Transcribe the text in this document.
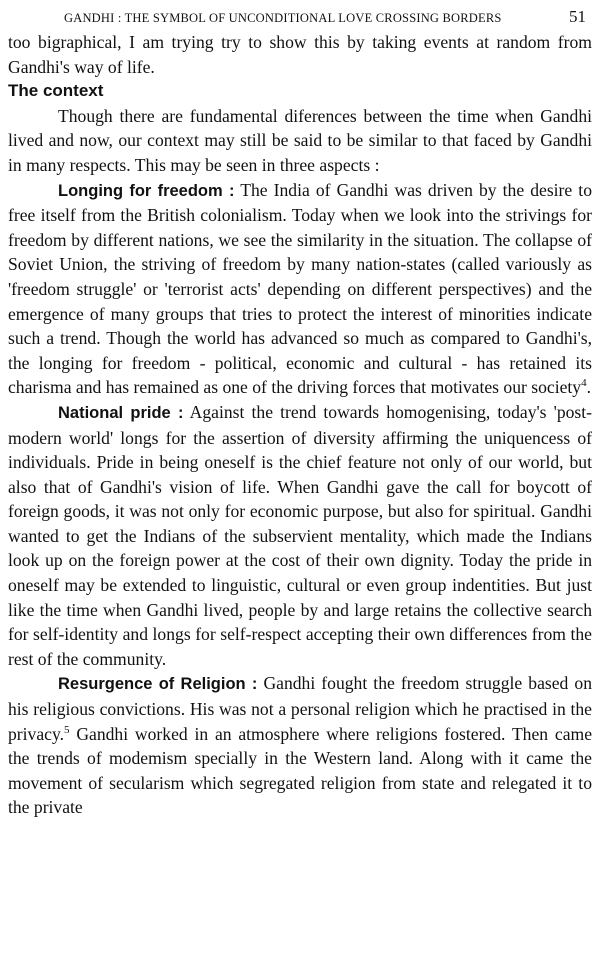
GANDHI : THE SYMBOL OF UNCONDITIONAL LOVE CROSSING BORDERS	51

too bigraphical, I am trying try to show this by taking events at random from Gandhi's way of life.

The context

Though there are fundamental diferences between the time when Gandhi lived and now, our context may still be said to be similar to that faced by Gandhi in many respects. This may be seen in three aspects :

Longing for freedom : The India of Gandhi was driven by the desire to free itself from the British colonialism. Today when we look into the strivings for freedom by different nations, we see the similarity in the situation. The collapse of Soviet Union, the striving of freedom by many nation-states (called variously as 'freedom struggle' or 'terrorist acts' depending on different perspectives) and the emergence of many groups that tries to protect the interest of minorities indicate such a trend. Though the world has advanced so much as compared to Gandhi's, the longing for freedom - political, economic and cultural - has retained its charisma and has remained as one of the driving forces that motivates our society$^4$.

National pride : Against the trend towards homogenising, today's 'post-modern world' longs for the assertion of diversity affirming the uniquencess of individuals. Pride in being oneself is the chief feature not only of our world, but also that of Gandhi's vision of life. When Gandhi gave the call for boycott of foreign goods, it was not only for economic purpose, but also for spiritual. Gandhi wanted to get the Indians of the subservient mentality, which made the Indians look up on the foreign power at the cost of their own dignity. Today the pride in oneself may be extended to linguistic, cultural or even group indentities. But just like the time when Gandhi lived, people by and large retains the collective search for self-identity and longs for self-respect accepting their own differences from the rest of the community.

Resurgence of Religion : Gandhi fought the freedom struggle based on his religious convictions. His was not a personal religion which he practised in the privacy.$^5$ Gandhi worked in an atmosphere where religions fostered. Then came the trends of modemism specially in the Western land. Along with it came the movement of secularism which segregated religion from state and relegated it to the private
